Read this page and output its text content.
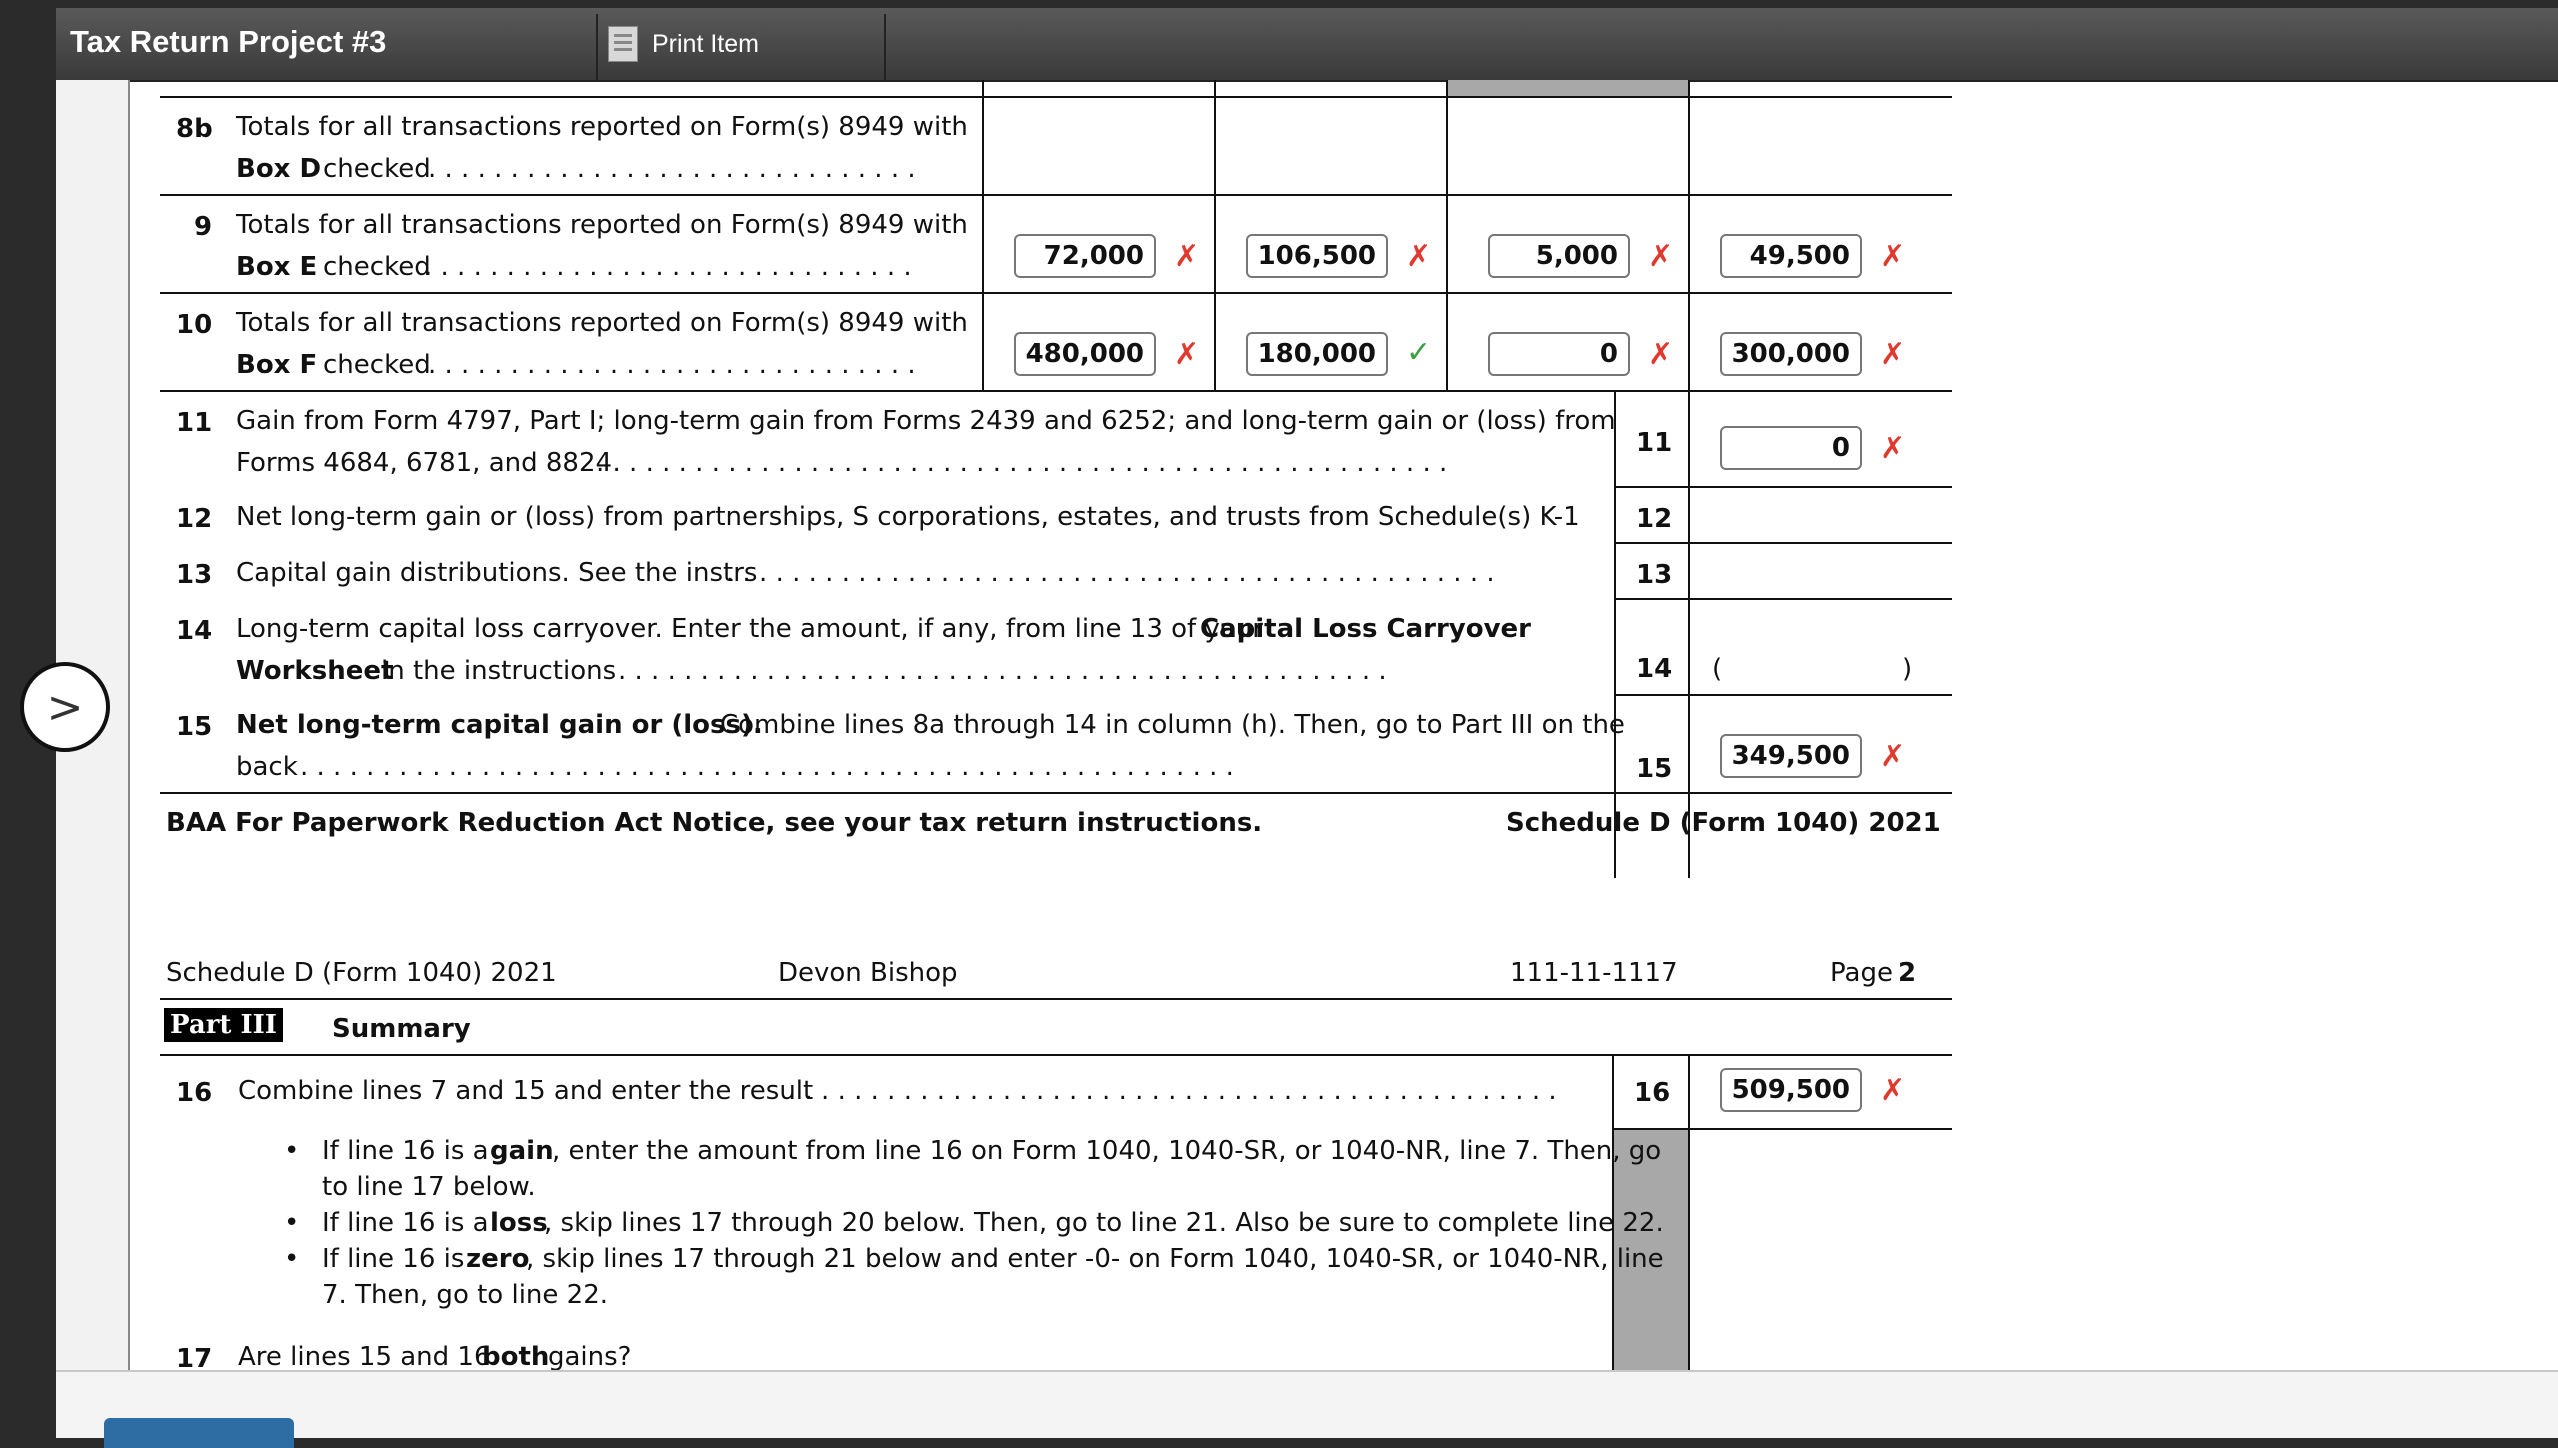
Tax Return Project #3	Print Item
>
8b Totals for all transactions reported on Form(s) 8949 with
Box D checked
. . . . . . . . . . . . . . . . . . . . . . . . . . . . . .
9 Totals for all transactions reported on Form(s) 8949 with
Box E checked
. . . . . . . . . . . . . . . . . . . . . . . . . . . . . .	72,000	✗	106,500	✗	5,000	✗	49,500	✗
10 Totals for all transactions reported on Form(s) 8949 with
Box F checked
. . . . . . . . . . . . . . . . . . . . . . . . . . . . . .	480,000	✗	180,000	✓	0	✗	300,000	✗
11 Gain from Form 4797, Part I; long-term gain from Forms 2439 and 6252; and long-term gain or (loss) from
Forms 4684, 6781, and 8824
. . . . . . . . . . . . . . . . . . . . . . . . . . . . . . . . . . . . . . . . . . . . . . . . . . . .
11	0	✗
12 Net long-term gain or (loss) from partnerships, S corporations, estates, and trusts from Schedule(s) K-1 12
13 Capital gain distributions. See the instrs
. . . . . . . . . . . . . . . . . . . . . . . . . . . . . . . . . . . . . . . . . . . . . . .	13
14 Long-term capital loss carryover. Enter the amount, if any, from line 13 of your
Capital Loss Carryover
Worksheet
in the instructions . . . . . . . . . . . . . . . . . . . . . . . . . . . . . . . . . . . . . . . . . . . . . . .	14 (	)
15 Net long-term capital gain or (loss).
Combine lines 8a through 14 in column (h). Then, go to Part III on the
back . . . . . . . . . . . . . . . . . . . . . . . . . . . . . . . . . . . . . . . . . . . . . . . . . . . . . . . . .	15	349,500	✗
BAA For Paperwork Reduction Act Notice, see your tax return instructions.	Schedule D (Form 1040) 2021
Schedule D (Form 1040) 2021	Devon Bishop	111-11-1117	Page 2
Part III Summary
16 Combine lines 7 and 15 and enter the result
. . . . . . . . . . . . . . . . . . . . . . . . . . . . . . . . . . . . . . . . . . . . . . .	16	509,500	✗
• If line 16 is a gain
, enter the amount from line 16 on Form 1040, 1040-SR, or 1040-NR, line 7. Then, go
to line 17 below.
• If line 16 is a loss
, skip lines 17 through 20 below. Then, go to line 21. Also be sure to complete line 22.
• If line 16 is zero
, skip lines 17 through 21 below and enter -0- on Form 1040, 1040-SR, or 1040-NR, line
7. Then, go to line 22.
17 Are lines 15 and 16
both
gains?
